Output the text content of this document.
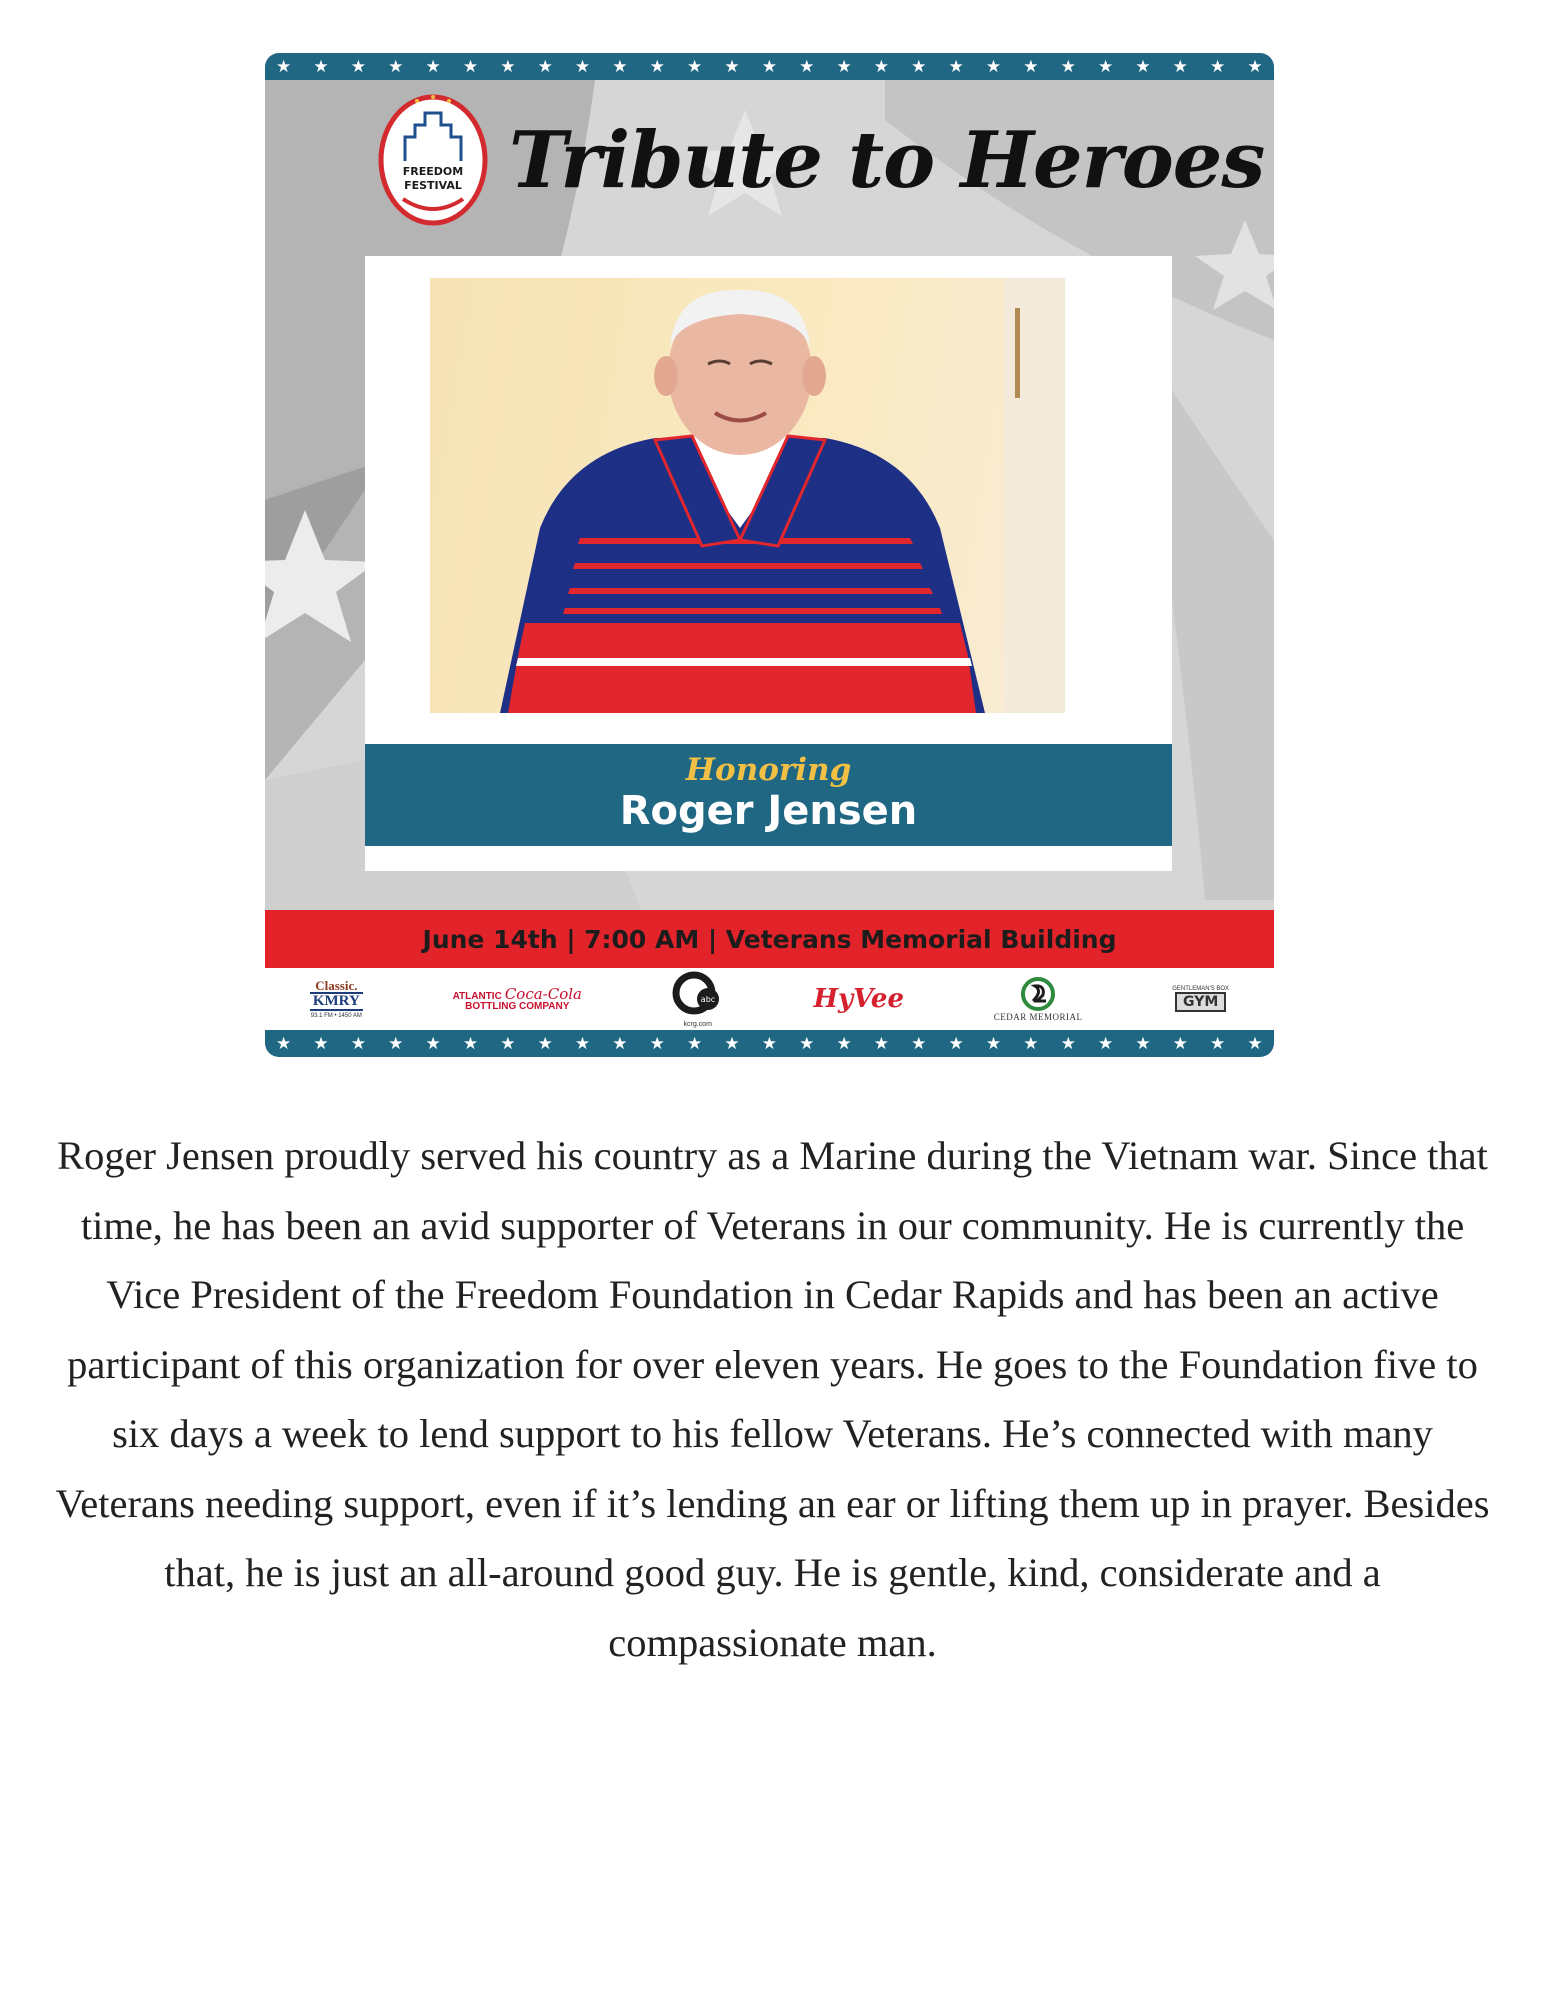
★ ★ ★ ★ ★ ★ ★ ★ ★ ★ ★ ★ ★ ★ ★ ★ ★ ★ ★ ★ ★ ★ ★ ★ ★ ★ ★
FREEDOM
FESTIVAL Tribute to Heroes
Honoring
Roger Jensen
June 14th | 7:00 AM | Veterans Memorial Building
Classic.
KMRY
93.1 FM • 1450 AM
ATLANTIC Coca-Cola
BOTTLING COMPANY
abc
kcrg.com
HyVee
CEDAR MEMORIAL
GENTLEMAN'S BOX
GYM
★ ★ ★ ★ ★ ★ ★ ★ ★ ★ ★ ★ ★ ★ ★ ★ ★ ★ ★ ★ ★ ★ ★ ★ ★ ★ ★

Roger Jensen proudly served his country as a Marine during the Vietnam war. Since that time, he has been an avid supporter of Veterans in our community. He is currently the Vice President of the Freedom Foundation in Cedar Rapids and has been an active participant of this organization for over eleven years. He goes to the Foundation five to six days a week to lend support to his fellow Veterans. He’s connected with many Veterans needing support, even if it’s lending an ear or lifting them up in prayer. Besides that, he is just an all-around good guy. He is gentle, kind, considerate and a compassionate man.
